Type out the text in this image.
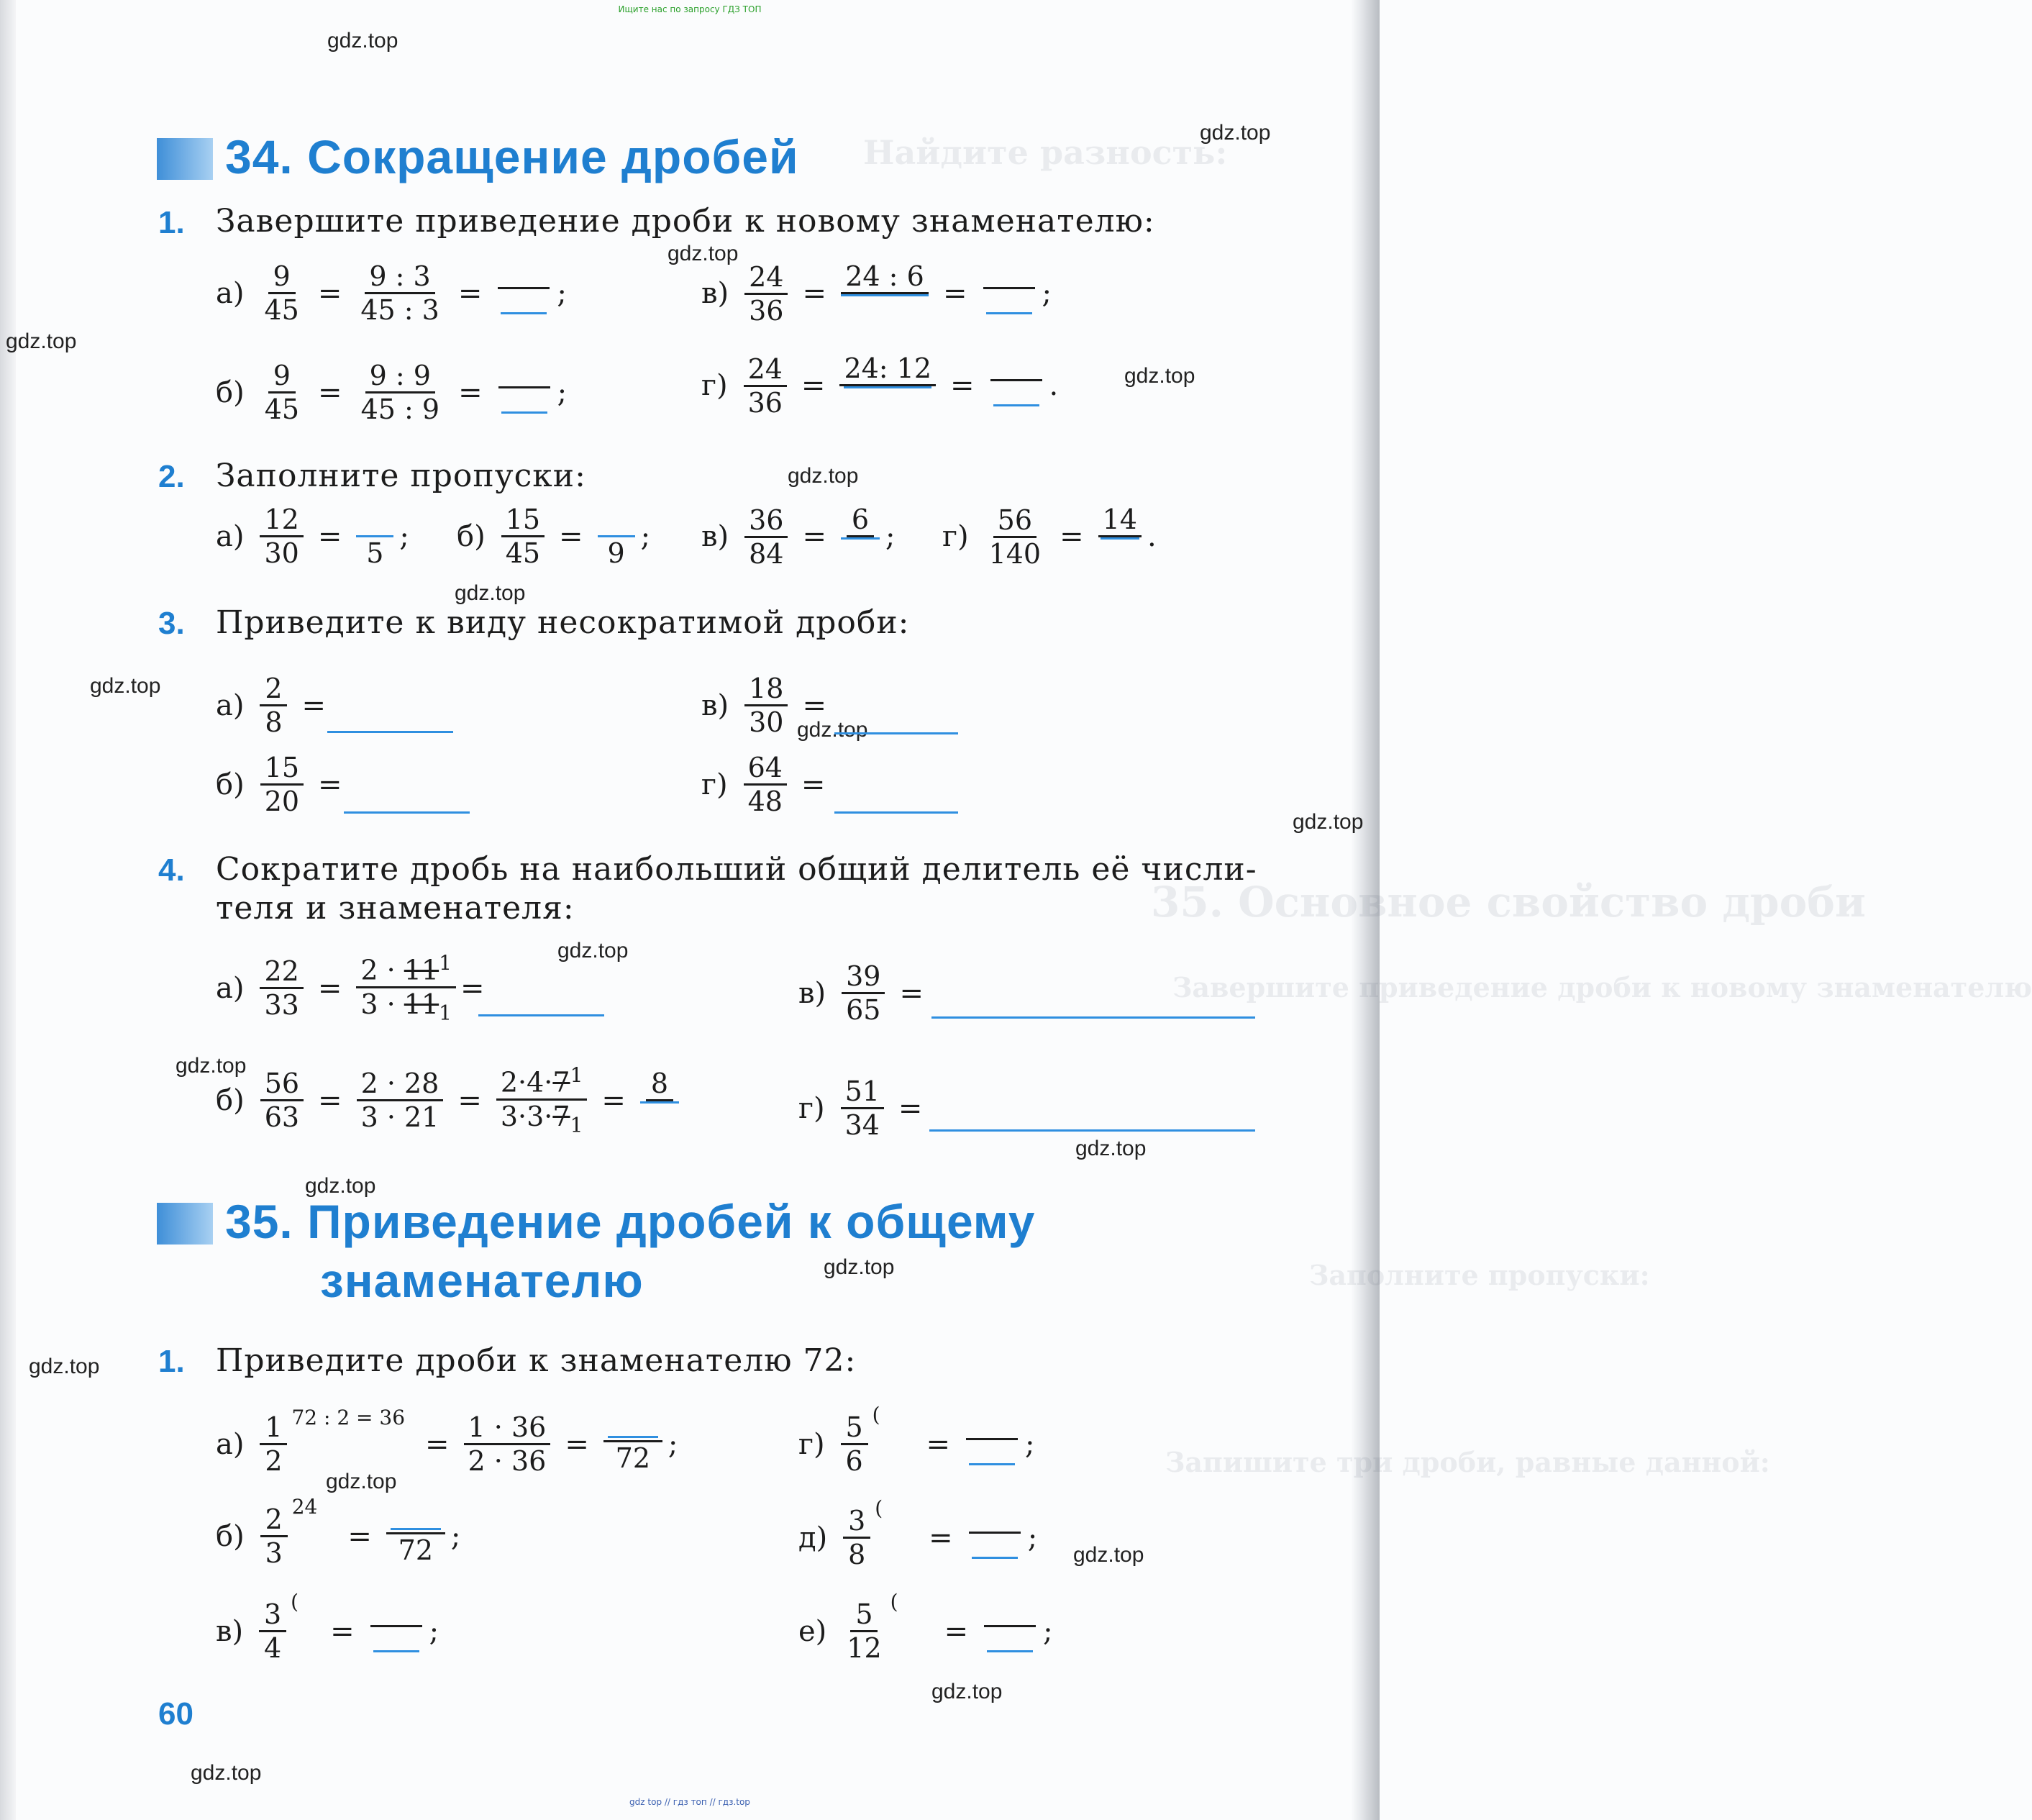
Найдите разность:
35. Основное свойство дроби
Завершите приведение дроби к новому знаменателю
Заполните пропуски:
Запишите три дроби, равные данной:
Ищите нас по запросу ГДЗ ТОП
gdz.top
gdz.top
gdz.top
gdz.top
gdz.top
gdz.top
gdz.top
gdz.top
gdz.top
gdz.top
gdz.top
gdz.top
gdz.top
gdz.top
gdz.top
gdz.top
gdz.top
gdz.top
gdz.top
gdz.top
34. Сокращение дробей
1. Завершите приведение дроби к новому знаменателю:
$а) \frac{9}{45} = \frac{9 : 3}{45 : 3}$ =	;
$б) \frac{9}{45} = \frac{9 : 9}{45 : 9}$ =	;
$в) \frac{24}{36}$ =
24 : 6
=	;
$г) \frac{24}{36}$ =
24: 12
=	.
2. Заполните пропуски:
$а) \frac{12}{30}$ =

5
; $б) \frac{15}{45}$ =

9
; $в) \frac{36}{84}$ =
6
; $г) \frac{56}{140}$ =
14
.
3. Приведите к виду несократимой дроби:
$а) \frac{2}{8}$ =
$б) \frac{15}{20}$ =
$в) \frac{18}{30}$ =
$г) \frac{64}{48}$ =
4. Сократите дробь на наибольший общий делитель её числи-
теля и знаменателя:
$а) \frac{22}{33} = \frac{2 \cdot 11^1}{3 \cdot 11_1}$ =
$б) \frac{56}{63} = \frac{2 \cdot 28}{3 \cdot 21} = \frac{2\cdot 4\cdot 7^1}{3\cdot 3\cdot 7_1}$ =
8
$в) \frac{39}{65}$ =
$г) \frac{51}{34}$ =
35. Приведение дробей к общему
знаменателю
1. Приведите дроби к знаменателю 72:
$а) \frac{1}{2} 72$ : 2 = 36
= $\frac{1 \cdot 36}{2 \cdot 36} = 72$ ;
$б) \frac{2}{3} 24$
= 72 ;
$в) \frac{3}{4}$ (
=	;
$г) \frac{5}{6}$ (
=	;
$д) \frac{3}{8}$ (
=	;
$е) \frac{5}{12}$ (
=	;
60
gdz top // гдз топ // гдз.top
